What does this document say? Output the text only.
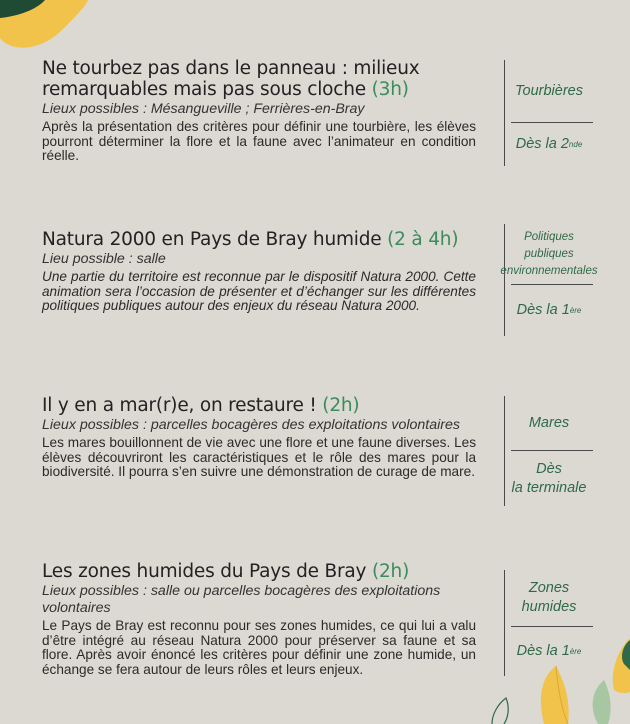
Ne tourbez pas dans le panneau : milieux remarquables mais pas sous cloche (3h)
Lieux possibles : Mésangueville ; Ferrières-en-Bray
Après la présentation des critères pour définir une tourbière, les élèves pourront déterminer la flore et la faune avec l’animateur en condition réelle.
Tourbières
Dès la 2 nde
Natura 2000 en Pays de Bray humide (2 à 4h)
Lieu possible : salle
Une partie du territoire est reconnue par le dispositif Natura 2000. Cette animation sera l’occasion de présenter et d’échanger sur les différentes politiques publiques autour des enjeux du réseau Natura 2000.
Politiques publiques environnementales
Dès la 1 ère
Il y en a mar(r)e, on restaure ! (2h)
Lieux possibles : parcelles bocagères des exploitations volontaires
Les mares bouillonnent de vie avec une flore et une faune diverses. Les élèves découvriront les caractéristiques et le rôle des mares pour la biodiversité. Il pourra s’en suivre une démonstration de curage de mare.
Mares
Dès
la terminale
Les zones humides du Pays de Bray (2h)
Lieux possibles : salle ou parcelles bocagères des exploitations volontaires
Le Pays de Bray est reconnu pour ses zones humides, ce qui lui a valu d’être intégré au réseau Natura 2000 pour préserver sa faune et sa flore. Après avoir énoncé les critères pour définir une zone humide, un échange se fera autour de leurs rôles et leurs enjeux.
Zones humides
Dès la 1 ère
